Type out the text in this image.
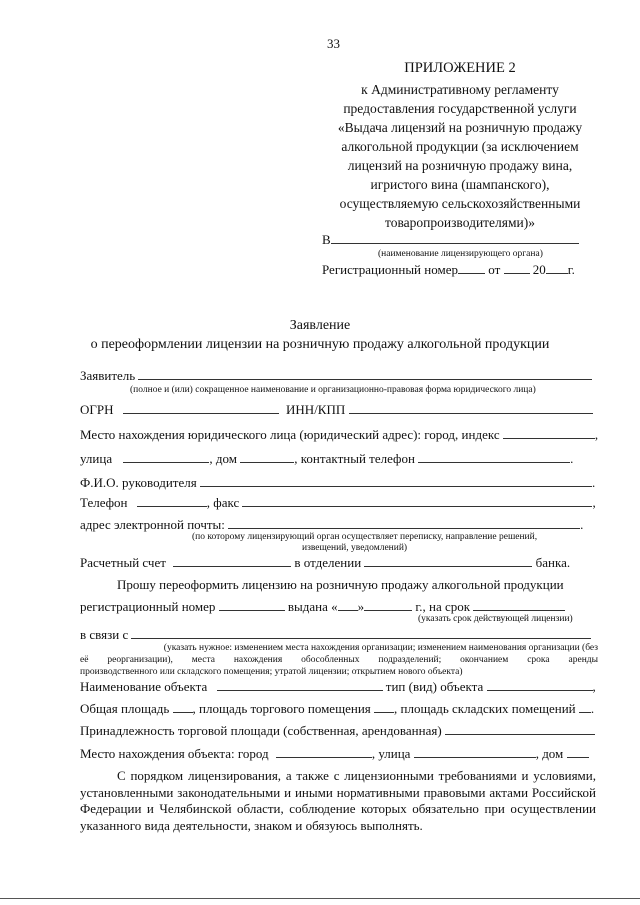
33
ПРИЛОЖЕНИЕ 2
к Административному регламенту
предоставления государственной услуги
«Выдача лицензий на розничную продажу
алкогольной продукции (за исключением
лицензий на розничную продажу вина,
игристого вина (шампанского),
осуществляемую сельскохозяйственными
товаропроизводителями)»
В
(наименование лицензирующего органа)
Регистрационный номер от	20 г.
Заявление
о переоформлении лицензии на розничную продажу алкогольной продукции
Заявитель
(полное и (или) сокращенное наименование и организационно-правовая форма юридического лица)
ОГРН	ИНН/КПП
Место нахождения юридического лица (юридический адрес): город, индекс	,
улица	, дом	, контактный телефон	.
Ф.И.О. руководителя	.
Телефон	, факс	,
адрес электронной почты:	.
(по которому лицензирующий орган осуществляет переписку, направление решений,
извещений, уведомлений)
Расчетный счет	в отделении	банка.
Прошу переоформить лицензию на розничную продажу алкогольной продукции
регистрационный номер	выдана « »	г., на срок
(указать срок действующей лицензии)
в связи с
(указать нужное: изменением места нахождения организации; изменением наименования организации (без
её реорганизации), места нахождения обособленных подразделений; окончанием срока аренды
производственного или складского помещения; утратой лицензии; открытием нового объекта)
Наименование объекта	тип (вид) объекта	,
Общая площадь , площадь торгового помещения , площадь складских помещений .
Принадлежность торговой площади (собственная, арендованная)
Место нахождения объекта: город	, улица	, дом
С порядком лицензирования, а также с лицензионными требованиями и условиями, установленными законодательными и иными нормативными правовыми актами Российской Федерации и Челябинской области, соблюдение которых обязательно при осуществлении указанного вида деятельности, знаком и обязуюсь выполнять.
